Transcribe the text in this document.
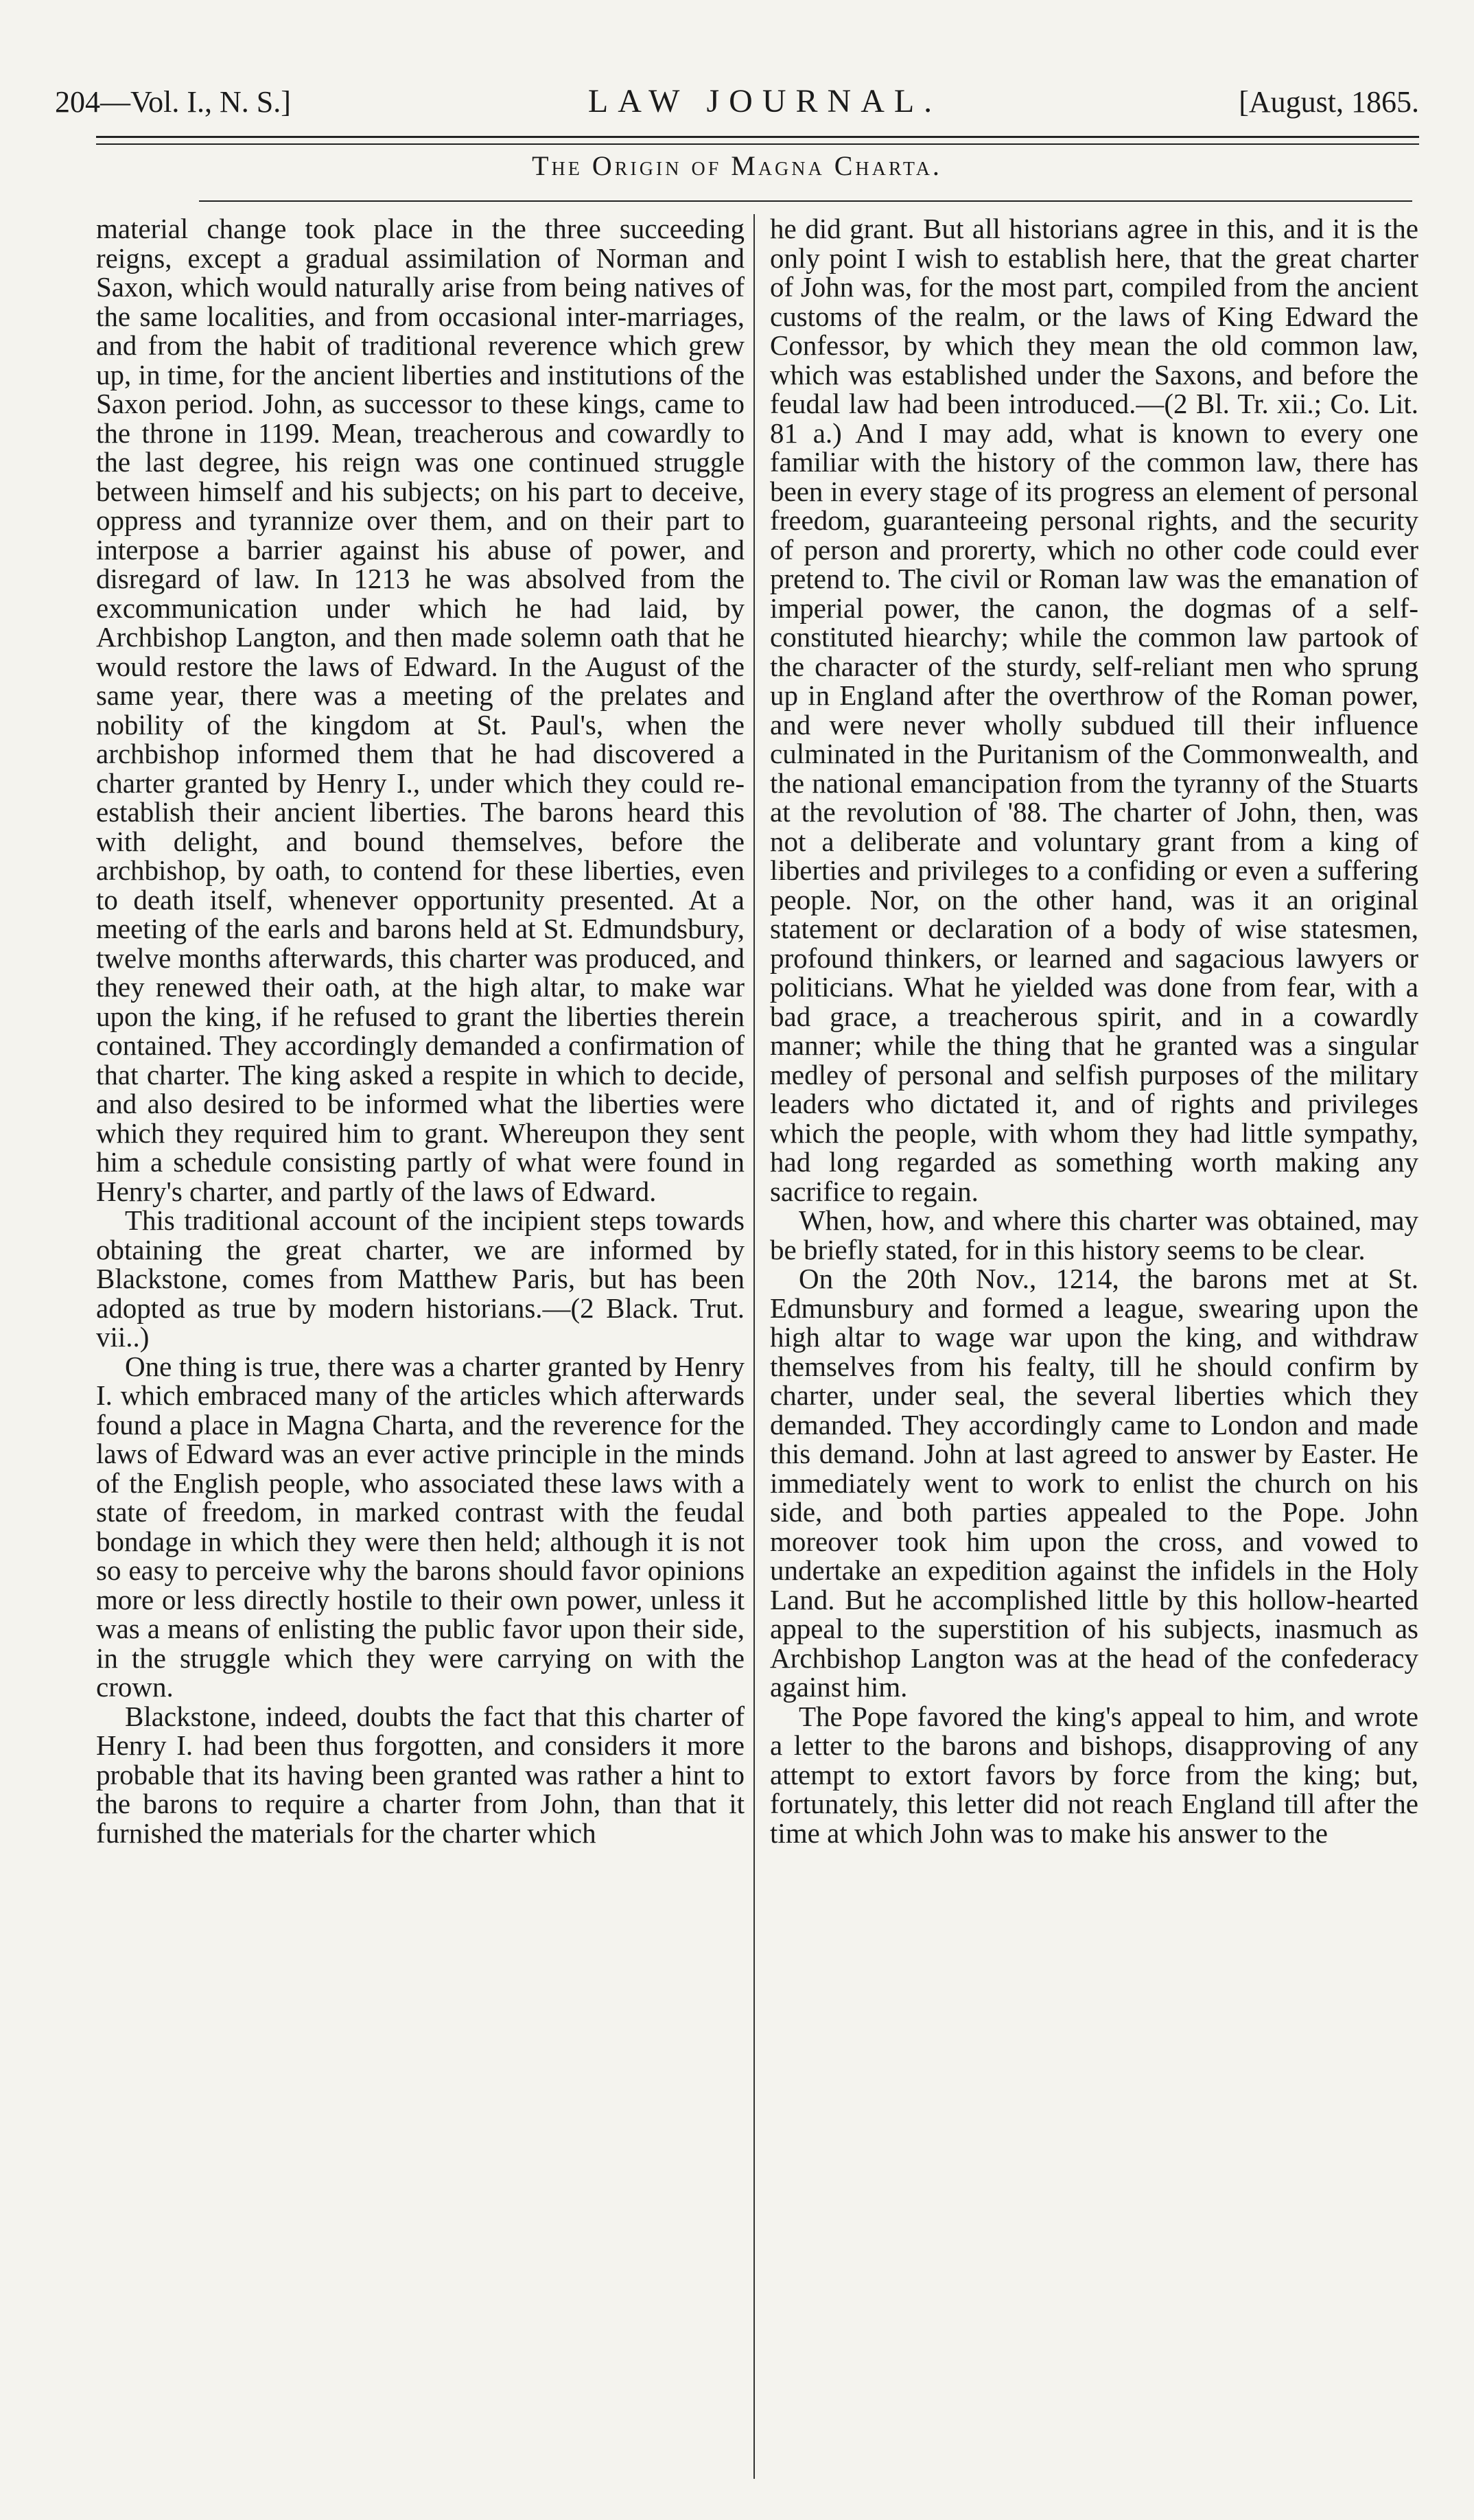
204—Vol. I., N. S.]	LAW JOURNAL.	[August, 1865.
The Origin of Magna Charta.

material change took place in the three succeeding reigns, except a gradual assimilation of Norman and Saxon, which would naturally arise from being natives of the same localities, and from occasional inter-marriages, and from the habit of traditional reverence which grew up, in time, for the ancient liberties and institutions of the Saxon period. John, as successor to these kings, came to the throne in 1199. Mean, treacherous and cowardly to the last degree, his reign was one continued struggle between himself and his subjects; on his part to deceive, oppress and tyrannize over them, and on their part to interpose a barrier against his abuse of power, and disregard of law. In 1213 he was absolved from the excommunication under which he had laid, by Archbishop Langton, and then made solemn oath that he would restore the laws of Edward. In the August of the same year, there was a meeting of the prelates and nobility of the kingdom at St. Paul's, when the archbishop informed them that he had discovered a charter granted by Henry I., under which they could re-establish their ancient liberties. The barons heard this with delight, and bound themselves, before the archbishop, by oath, to contend for these liberties, even to death itself, whenever opportunity presented. At a meeting of the earls and barons held at St. Edmundsbury, twelve months afterwards, this charter was produced, and they renewed their oath, at the high altar, to make war upon the king, if he refused to grant the liberties therein contained. They accordingly demanded a confirmation of that charter. The king asked a respite in which to decide, and also desired to be informed what the liberties were which they required him to grant. Whereupon they sent him a schedule consisting partly of what were found in Henry's charter, and partly of the laws of Edward.

This traditional account of the incipient steps towards obtaining the great charter, we are informed by Blackstone, comes from Matthew Paris, but has been adopted as true by modern historians.—(2 Black. Trut. vii..)

One thing is true, there was a charter granted by Henry I. which embraced many of the articles which afterwards found a place in Magna Charta, and the reverence for the laws of Edward was an ever active principle in the minds of the English people, who associated these laws with a state of freedom, in marked contrast with the feudal bondage in which they were then held; although it is not so easy to perceive why the barons should favor opinions more or less directly hostile to their own power, unless it was a means of enlisting the public favor upon their side, in the struggle which they were carrying on with the crown.

Blackstone, indeed, doubts the fact that this charter of Henry I. had been thus forgotten, and considers it more probable that its having been granted was rather a hint to the barons to require a charter from John, than that it furnished the materials for the charter which

he did grant. But all historians agree in this, and it is the only point I wish to establish here, that the great charter of John was, for the most part, compiled from the ancient customs of the realm, or the laws of King Edward the Confessor, by which they mean the old common law, which was established under the Saxons, and before the feudal law had been introduced.—(2 Bl. Tr. xii.; Co. Lit. 81 a.) And I may add, what is known to every one familiar with the history of the common law, there has been in every stage of its progress an element of personal freedom, guaranteeing personal rights, and the security of person and prorerty, which no other code could ever pretend to. The civil or Roman law was the emanation of imperial power, the canon, the dogmas of a self-constituted hiearchy; while the common law partook of the character of the sturdy, self-reliant men who sprung up in England after the overthrow of the Roman power, and were never wholly subdued till their influence culminated in the Puritanism of the Commonwealth, and the national emancipation from the tyranny of the Stuarts at the revolution of '88. The charter of John, then, was not a deliberate and voluntary grant from a king of liberties and privileges to a confiding or even a suffering people. Nor, on the other hand, was it an original statement or declaration of a body of wise statesmen, profound thinkers, or learned and sagacious lawyers or politicians. What he yielded was done from fear, with a bad grace, a treacherous spirit, and in a cowardly manner; while the thing that he granted was a singular medley of personal and selfish purposes of the military leaders who dictated it, and of rights and privileges which the people, with whom they had little sympathy, had long regarded as something worth making any sacrifice to regain.

When, how, and where this charter was obtained, may be briefly stated, for in this history seems to be clear.

On the 20th Nov., 1214, the barons met at St. Edmunsbury and formed a league, swearing upon the high altar to wage war upon the king, and withdraw themselves from his fealty, till he should confirm by charter, under seal, the several liberties which they demanded. They accordingly came to London and made this demand. John at last agreed to answer by Easter. He immediately went to work to enlist the church on his side, and both parties appealed to the Pope. John moreover took him upon the cross, and vowed to undertake an expedition against the infidels in the Holy Land. But he accomplished little by this hollow-hearted appeal to the superstition of his subjects, inasmuch as Archbishop Langton was at the head of the confederacy against him.

The Pope favored the king's appeal to him, and wrote a letter to the barons and bishops, disapproving of any attempt to extort favors by force from the king; but, fortunately, this letter did not reach England till after the time at which John was to make his answer to the
